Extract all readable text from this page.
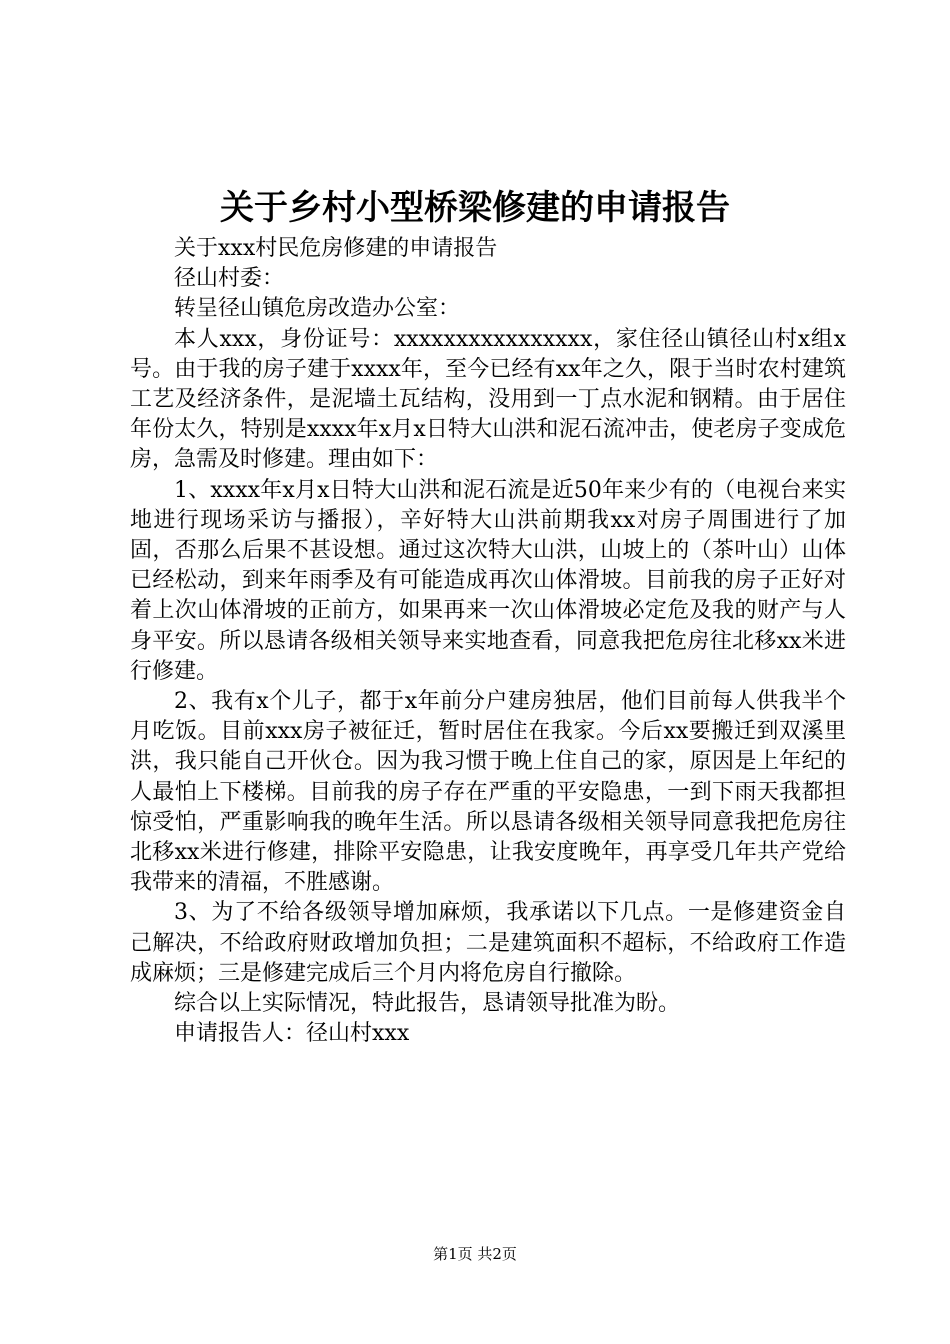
关于乡村小型桥梁修建的申请报告

关于xxx村民危房修建的申请报告

径山村委：

转呈径山镇危房改造办公室：

本人xxx，身份证号：xxxxxxxxxxxxxxxx，家住径山镇径山村x组x号。由于我的房子建于xxxx年，至今已经有xx年之久，限于当时农村建筑工艺及经济条件，是泥墙土瓦结构，没用到一丁点水泥和钢精。由于居住年份太久，特别是xxxx年x月x日特大山洪和泥石流冲击，使老房子变成危房，急需及时修建。理由如下：

1、xxxx年x月x日特大山洪和泥石流是近50年来少有的（电视台来实地进行现场采访与播报），辛好特大山洪前期我xx对房子周围进行了加固，否那么后果不甚设想。通过这次特大山洪，山坡上的（茶叶山）山体已经松动，到来年雨季及有可能造成再次山体滑坡。目前我的房子正好对着上次山体滑坡的正前方，如果再来一次山体滑坡必定危及我的财产与人身平安。所以恳请各级相关领导来实地查看，同意我把危房往北移xx米进行修建。

2、我有x个儿子，都于x年前分户建房独居，他们目前每人供我半个月吃饭。目前xxx房子被征迁，暂时居住在我家。今后xx要搬迁到双溪里洪，我只能自己开伙仓。因为我习惯于晚上住自己的家，原因是上年纪的人最怕上下楼梯。目前我的房子存在严重的平安隐患，一到下雨天我都担惊受怕，严重影响我的晚年生活。所以恳请各级相关领导同意我把危房往北移xx米进行修建，排除平安隐患，让我安度晚年，再享受几年共产党给我带来的清福，不胜感谢。

3、为了不给各级领导增加麻烦，我承诺以下几点。一是修建资金自己解决，不给政府财政增加负担；二是建筑面积不超标，不给政府工作造成麻烦；三是修建完成后三个月内将危房自行撤除。

综合以上实际情况，特此报告，恳请领导批准为盼。

申请报告人：径山村xxx

第1页 共2页
